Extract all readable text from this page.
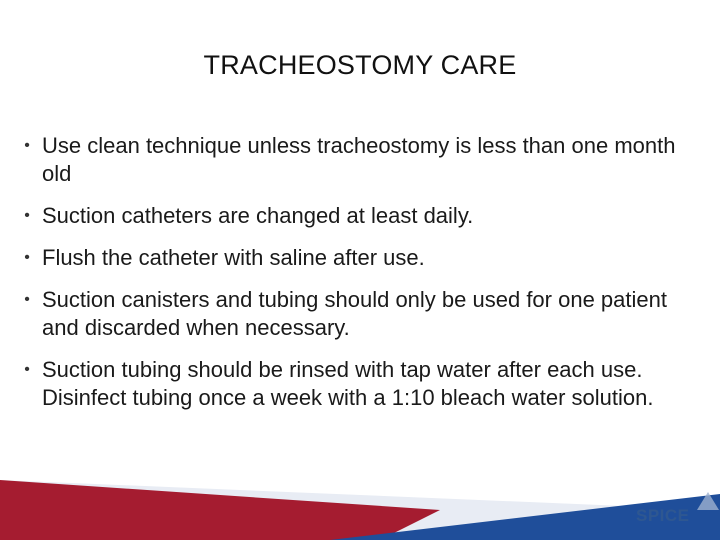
TRACHEOSTOMY CARE
• Use clean technique unless tracheostomy is less than one month old
• Suction catheters are changed at least daily.
• Flush the catheter with saline after use.
• Suction canisters and tubing should only be used for one patient and discarded when necessary.
• Suction tubing should be rinsed with tap water after each use. Disinfect tubing once a week with a 1:10 bleach water solution.
SPICE
